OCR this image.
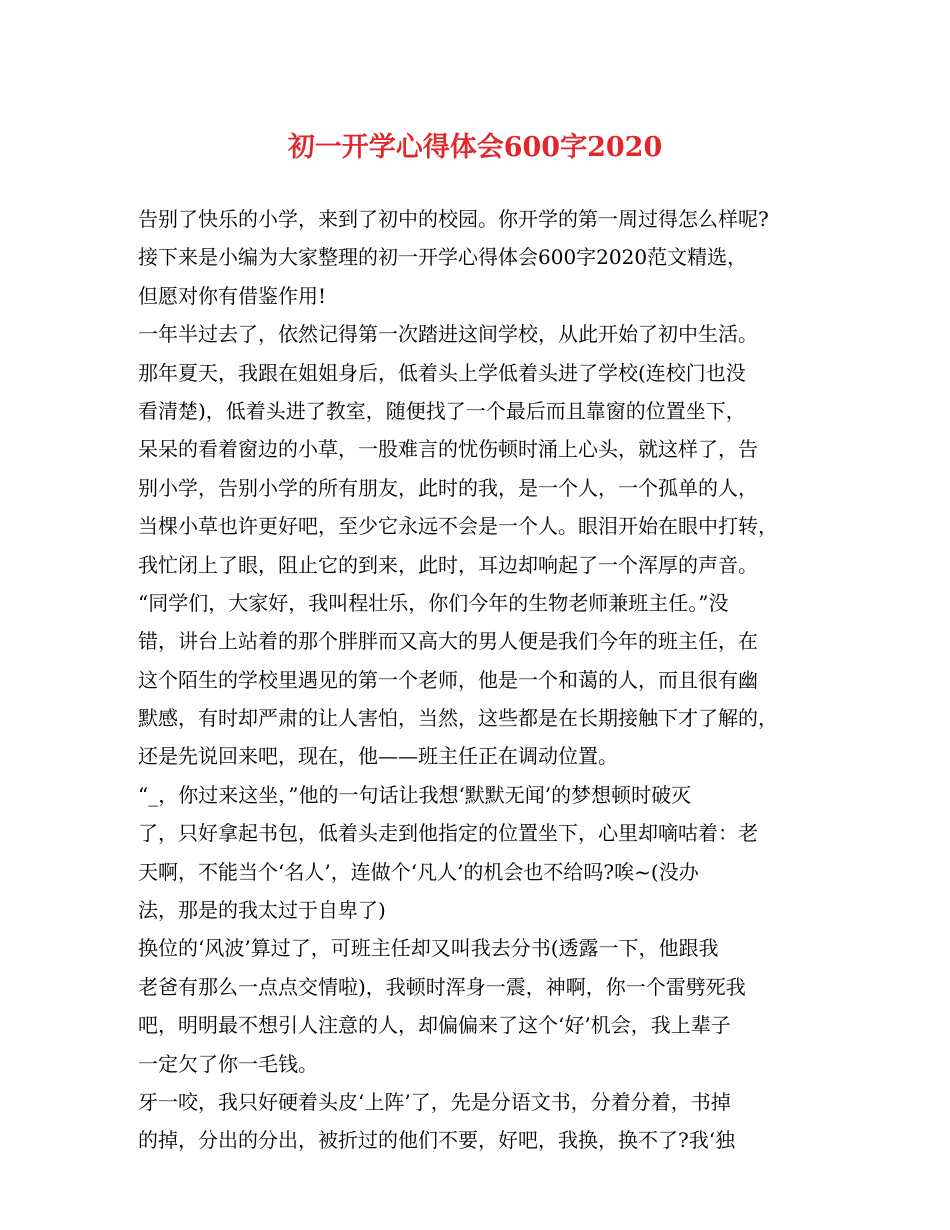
初一开学心得体会600字2020
告别了快乐的小学，来到了初中的校园。你开学的第一周过得怎么样呢?
接下来是小编为大家整理的初一开学心得体会600字2020范文精选，
但愿对你有借鉴作用!
一年半过去了，依然记得第一次踏进这间学校，从此开始了初中生活。
那年夏天，我跟在姐姐身后，低着头上学低着头进了学校(连校门也没
看清楚)，低着头进了教室，随便找了一个最后而且靠窗的位置坐下，
呆呆的看着窗边的小草，一股难言的忧伤顿时涌上心头，就这样了，告
别小学，告别小学的所有朋友，此时的我，是一个人，一个孤单的人，
当棵小草也许更好吧，至少它永远不会是一个人。眼泪开始在眼中打转，
我忙闭上了眼，阻止它的到来，此时，耳边却响起了一个浑厚的声音。
“同学们，大家好，我叫程壮乐，你们今年的生物老师兼班主任。”没
错，讲台上站着的那个胖胖而又高大的男人便是我们今年的班主任，在
这个陌生的学校里遇见的第一个老师，他是一个和蔼的人，而且很有幽
默感，有时却严肃的让人害怕，当然，这些都是在长期接触下才了解的，
还是先说回来吧，现在，他——班主任正在调动位置。
“_，你过来这坐，”他的一句话让我想‘默默无闻’的梦想顿时破灭
了，只好拿起书包，低着头走到他指定的位置坐下，心里却嘀咕着：老
天啊，不能当个‘名人’，连做个‘凡人’的机会也不给吗?唉~(没办
法，那是的我太过于自卑了)
换位的‘风波’算过了，可班主任却又叫我去分书(透露一下，他跟我
老爸有那么一点点交情啦)，我顿时浑身一震，神啊，你一个雷劈死我
吧，明明最不想引人注意的人，却偏偏来了这个‘好’机会，我上辈子
一定欠了你一毛钱。
牙一咬，我只好硬着头皮‘上阵’了，先是分语文书，分着分着，书掉
的掉，分出的分出，被折过的他们不要，好吧，我换，换不了?我‘独
